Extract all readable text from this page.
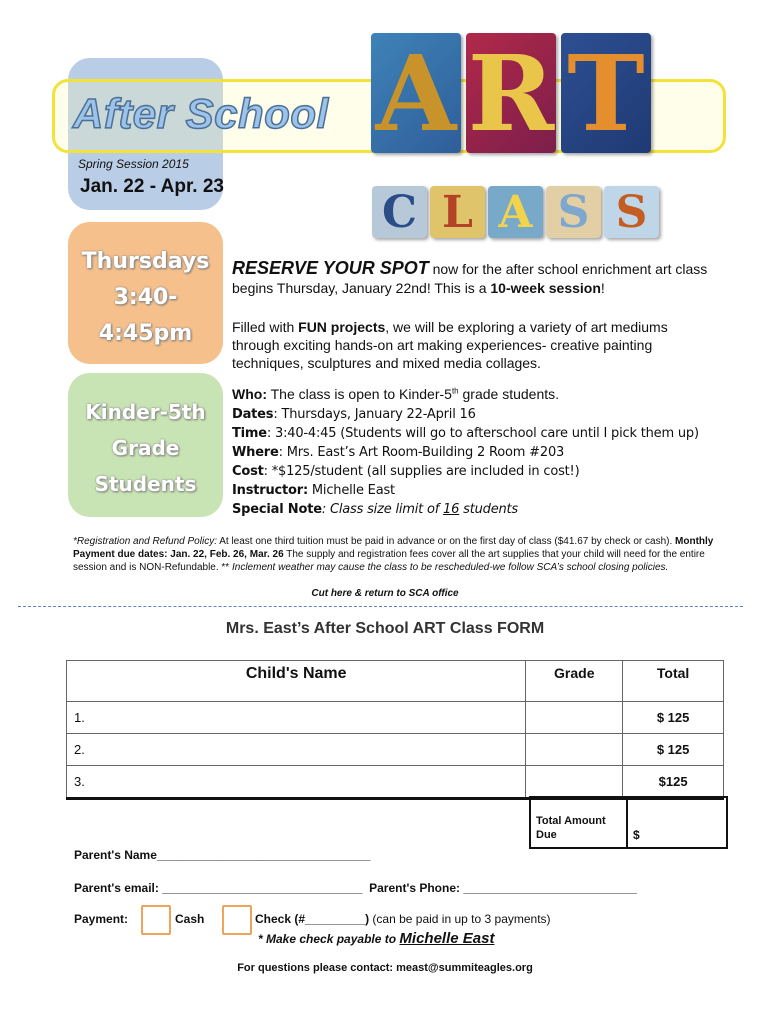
A R T
C L A S S
After School
Spring Session 2015
Jan. 22 - Apr. 23
Thursdays
3:40-
4:45pm
Kinder-5th
Grade
Students
RESERVE YOUR SPOT now for the after school enrichment art class begins Thursday, January 22nd! This is a 10-week session!
Filled with FUN projects, we will be exploring a variety of art mediums through exciting hands-on art making experiences- creative painting techniques, sculptures and mixed media collages.
Who: The class is open to Kinder-5th grade students.
Dates: Thursdays, January 22-April 16
Time: 3:40-4:45 (Students will go to afterschool care until I pick them up)
Where: Mrs. East’s Art Room-Building 2 Room #203
Cost: *$125/student (all supplies are included in cost!)
Instructor: Michelle East
Special Note: Class size limit of 16 students
*Registration and Refund Policy: At least one third tuition must be paid in advance or on the first day of class ($41.67 by check or cash). Monthly Payment due dates: Jan. 22, Feb. 26, Mar. 26 The supply and registration fees cover all the art supplies that your child will need for the entire session and is NON-Refundable. ** Inclement weather may cause the class to be rescheduled-we follow SCA’s school closing policies.
Cut here & return to SCA office
Mrs. East’s After School ART Class FORM
Child's Name	Grade	Total
1.		$ 125
2.		$ 125
3.		$125
Total Amount
Due	$
Parent's Name________________________________
Parent's email: ______________________________ Parent's Phone: __________________________
Payment:	Cash	Check (#_________) (can be paid in up to 3 payments)
* Make check payable to Michelle East
For questions please contact: meast@summiteagles.org
